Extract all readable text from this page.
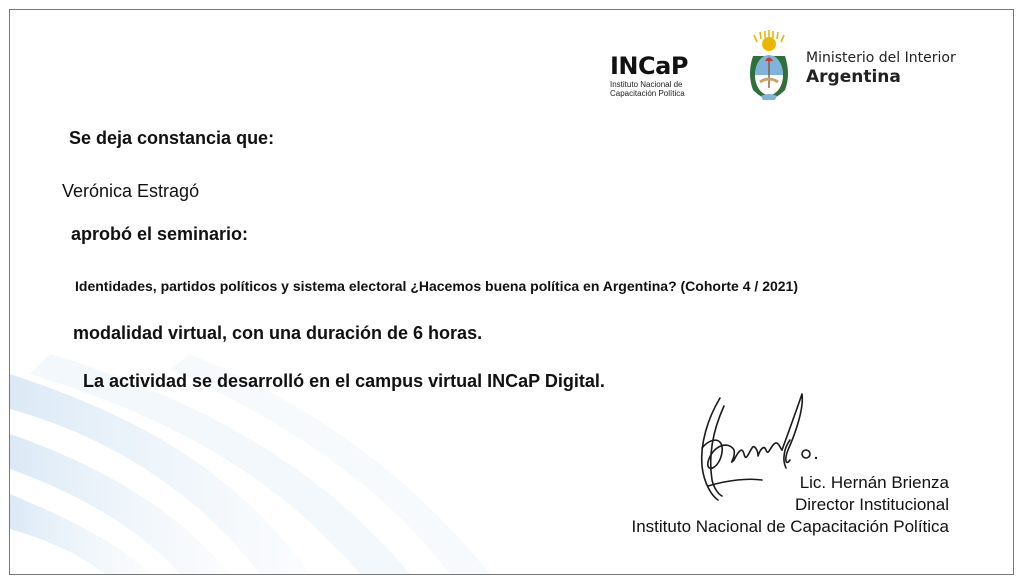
INCaP
Instituto Nacional de
Capacitación Política
Ministerio del Interior
Argentina
Se deja constancia que:
Verónica Estragó
aprobó el seminario:
Identidades, partidos políticos y sistema electoral ¿Hacemos buena política en Argentina? (Cohorte 4 / 2021)
modalidad virtual, con una duración de 6 horas.
La actividad se desarrolló en el campus virtual INCaP Digital.
Lic. Hernán Brienza
Director Institucional
Instituto Nacional de Capacitación Política
